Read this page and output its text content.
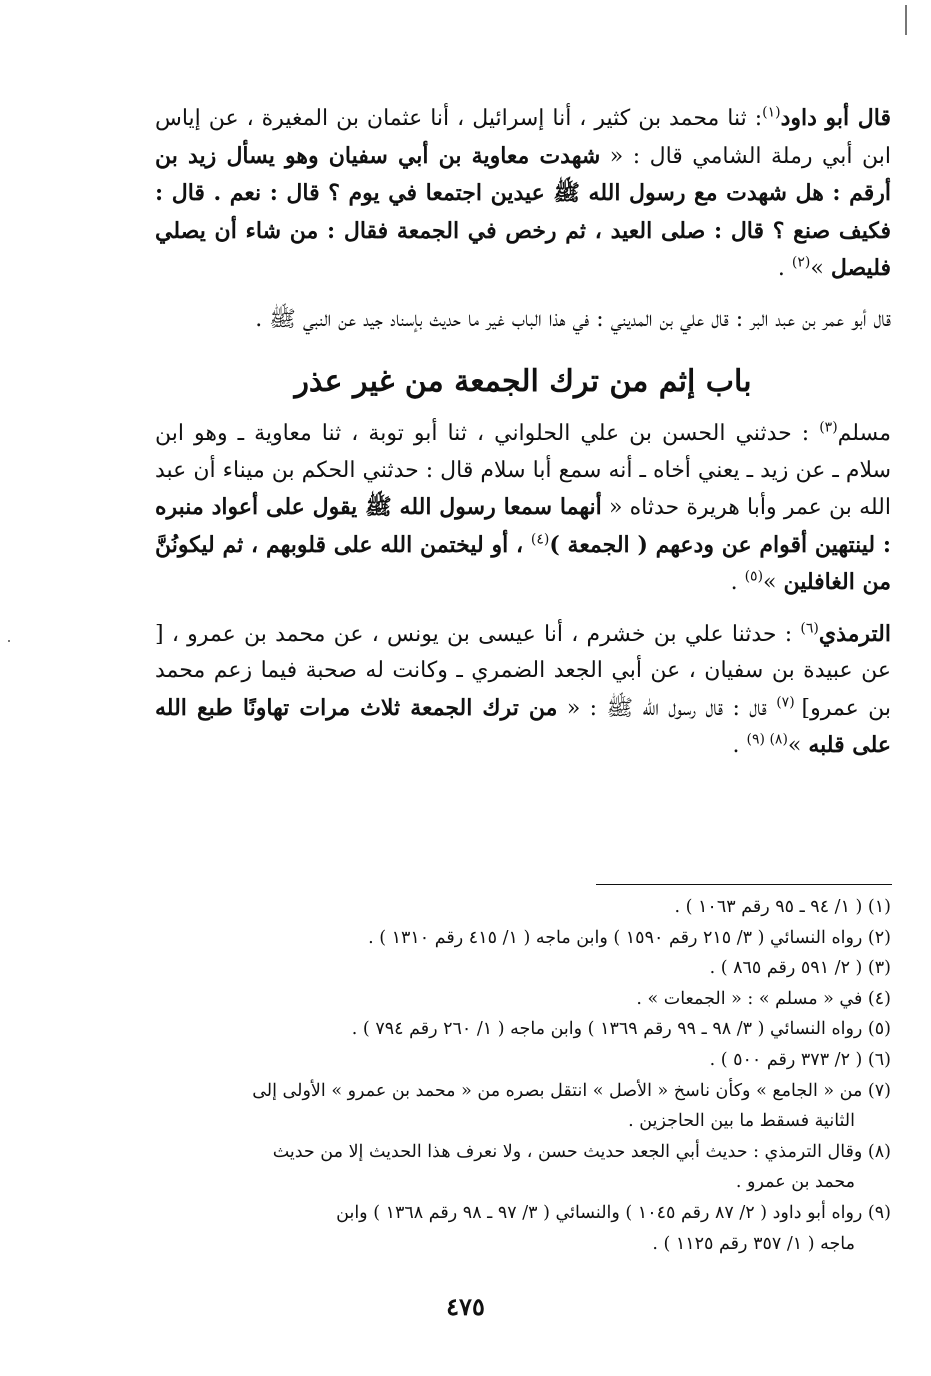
قال أبو داود$^{(١)}$: ثنا محمد بن كثير ، أنا إسرائيل ، أنا عثمان بن المغيرة ، عن إياس ابن أبي رملة الشامي قال : « شهدت معاوية بن أبي سفيان وهو يسأل زيد بن أرقم : هل شهدت مع رسول الله ﷺ عيدين اجتمعا في يوم ؟ قال : نعم . قال : فكيف صنع ؟ قال : صلى العيد ، ثم رخص في الجمعة فقال : من شاء أن يصلي فليصل »$^{(٢)}$ .

قال أبو عمر بن عبد البر : قال علي بن المديني : في هذا الباب غير ما حديث بإسناد جيد عن النبي ﷺ .

باب إثم من ترك الجمعة من غير عذر

مسلم$^{(٣)}$ : حدثني الحسن بن علي الحلواني ، ثنا أبو توبة ، ثنا معاوية ـ وهو ابن سلام ـ عن زيد ـ يعني أخاه ـ أنه سمع أبا سلام قال : حدثني الحكم بن ميناء أن عبد الله بن عمر وأبا هريرة حدثاه « أنهما سمعا رسول الله ﷺ يقول على أعواد منبره : لينتهين أقوام عن ودعهم ( الجمعة )$^{(٤)}$ ، أو ليختمن الله على قلوبهم ، ثم ليكونُنَّ من الغافلين »$^{(٥)}$ .

الترمذي$^{(٦)}$ : حدثنا علي بن خشرم ، أنا عيسى بن يونس ، عن محمد بن عمرو ، [ عن عبيدة بن سفيان ، عن أبي الجعد الضمري ـ وكانت له صحبة فيما زعم محمد بن عمرو] $^{(٧)}$ قال : قال رسول الله ﷺ : « من ترك الجمعة ثلاث مرات تهاونًا طبع الله على قلبه »$^{(٨) (٩)}$ .

(١) ( ١/ ٩٤ ـ ٩٥ رقم ١٠٦٣ ) .

(٢) رواه النسائي ( ٣/ ٢١٥ رقم ١٥٩٠ ) وابن ماجه ( ١/ ٤١٥ رقم ١٣١٠ ) .

(٣) ( ٢/ ٥٩١ رقم ٨٦٥ ) .

(٤) في « مسلم » : « الجمعات » .

(٥) رواه النسائي ( ٣/ ٩٨ ـ ٩٩ رقم ١٣٦٩ ) وابن ماجه ( ١/ ٢٦٠ رقم ٧٩٤ ) .

(٦) ( ٢/ ٣٧٣ رقم ٥٠٠ ) .

(٧) من « الجامع » وكأن ناسخ « الأصل » انتقل بصره من « محمد بن عمرو » الأولى إلى

الثانية فسقط ما بين الحاجزين .

(٨) وقال الترمذي : حديث أبي الجعد حديث حسن ، ولا نعرف هذا الحديث إلا من حديث

محمد بن عمرو .

(٩) رواه أبو داود ( ٢/ ٨٧ رقم ١٠٤٥ ) والنسائي ( ٣/ ٩٧ ـ ٩٨ رقم ١٣٦٨ ) وابن

ماجه ( ١/ ٣٥٧ رقم ١١٢٥ ) .

٤٧٥
